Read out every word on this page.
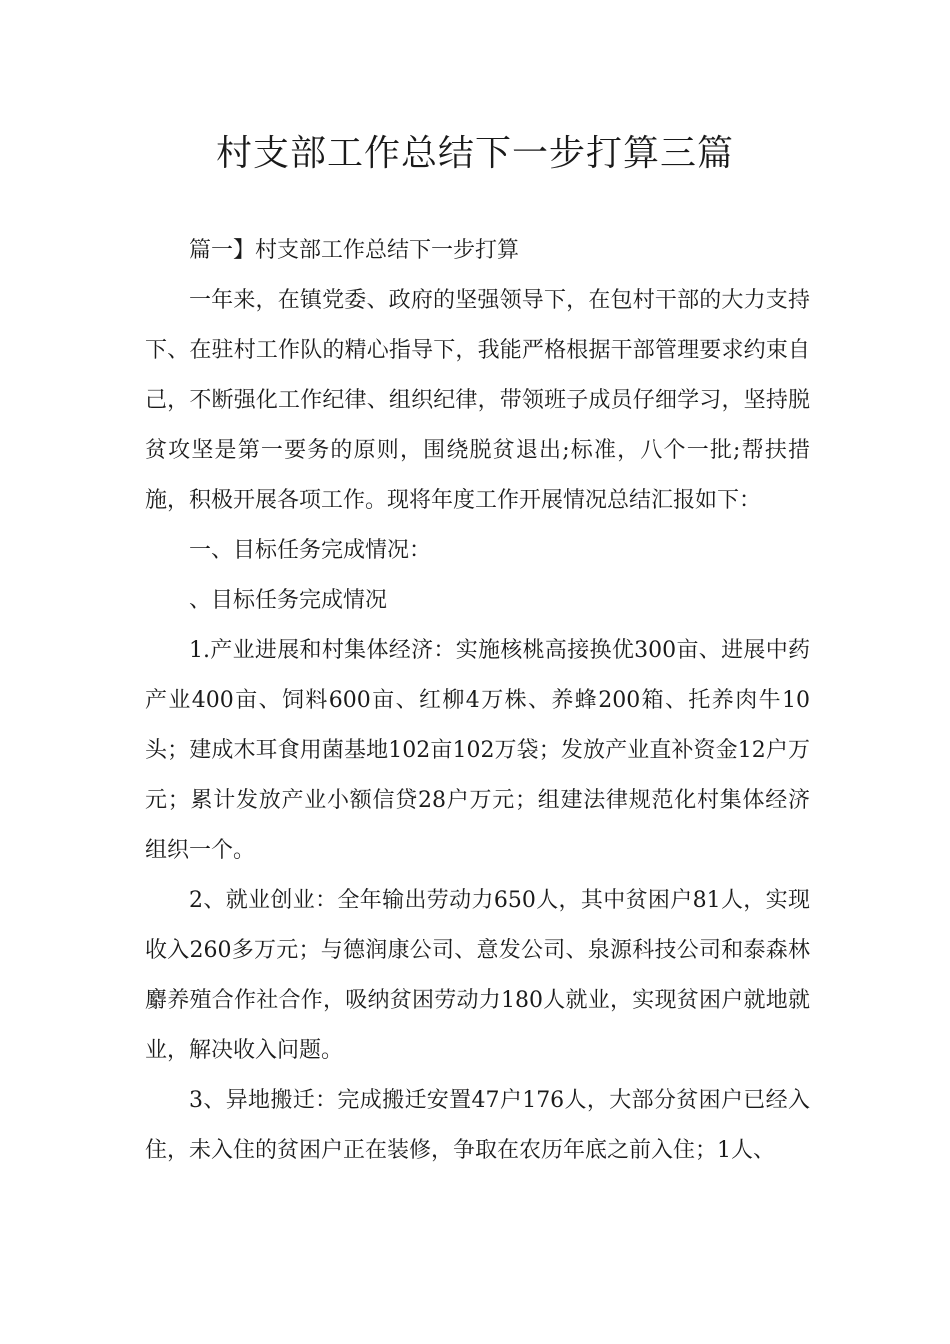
村支部工作总结下一步打算三篇

篇一】村支部工作总结下一步打算

一年来，在镇党委、政府的坚强领导下，在包村干部的大力支持下、在驻村工作队的精心指导下，我能严格根据干部管理要求约束自己，不断强化工作纪律、组织纪律，带领班子成员仔细学习，坚持脱贫攻坚是第一要务的原则，围绕脱贫退出;标准，八个一批;帮扶措施，积极开展各项工作。现将年度工作开展情况总结汇报如下：

一、目标任务完成情况：

、目标任务完成情况

1.产业进展和村集体经济：实施核桃高接换优300亩、进展中药产业400亩、饲料600亩、红柳4万株、养蜂200箱、托养肉牛10头；建成木耳食用菌基地102亩102万袋；发放产业直补资金12户万元；累计发放产业小额信贷28户万元；组建法律规范化村集体经济组织一个。

2、就业创业：全年输出劳动力650人，其中贫困户81人，实现收入260多万元；与德润康公司、意发公司、泉源科技公司和泰森林麝养殖合作社合作，吸纳贫困劳动力180人就业，实现贫困户就地就业，解决收入问题。

3、异地搬迁：完成搬迁安置47户176人，大部分贫困户已经入住，未入住的贫困户正在装修，争取在农历年底之前入住；1人、
